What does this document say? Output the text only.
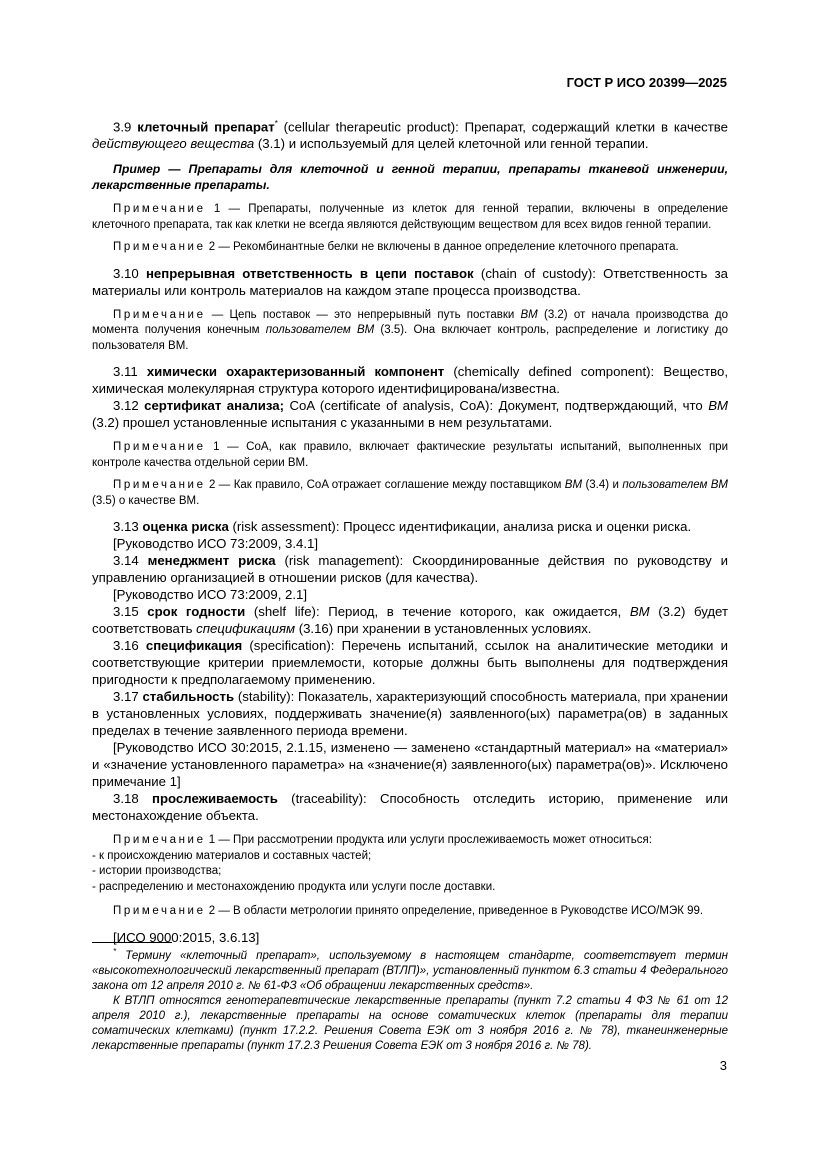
ГОСТ Р ИСО 20399—2025

3.9 клеточный препарат* (cellular therapeutic product): Препарат, содержащий клетки в качестве действующего вещества (3.1) и используемый для целей клеточной или генной терапии.

Пример — Препараты для клеточной и генной терапии, препараты тканевой инженерии, лекарственные препараты.

Примечание 1 — Препараты, полученные из клеток для генной терапии, включены в определение клеточного препарата, так как клетки не всегда являются действующим веществом для всех видов генной терапии.

Примечание 2 — Рекомбинантные белки не включены в данное определение клеточного препарата.

3.10 непрерывная ответственность в цепи поставок (chain of custody): Ответственность за материалы или контроль материалов на каждом этапе процесса производства.

Примечание — Цепь поставок — это непрерывный путь поставки ВМ (3.2) от начала производства до момента получения конечным пользователем ВМ (3.5). Она включает контроль, распределение и логистику до пользователя ВМ.

3.11 химически охарактеризованный компонент (chemically defined component): Вещество, химическая молекулярная структура которого идентифицирована/известна.

3.12 сертификат анализа; CoA (certificate of analysis, CoA): Документ, подтверждающий, что ВМ (3.2) прошел установленные испытания с указанными в нем результатами.

Примечание 1 — CoA, как правило, включает фактические результаты испытаний, выполненных при контроле качества отдельной серии ВМ.

Примечание 2 — Как правило, CoA отражает соглашение между поставщиком ВМ (3.4) и пользователем ВМ (3.5) о качестве ВМ.

3.13 оценка риска (risk assessment): Процесс идентификации, анализа риска и оценки риска.

[Руководство ИСО 73:2009, 3.4.1]

3.14 менеджмент риска (risk management): Скоординированные действия по руководству и управлению организацией в отношении рисков (для качества).

[Руководство ИСО 73:2009, 2.1]

3.15 срок годности (shelf life): Период, в течение которого, как ожидается, ВМ (3.2) будет соответствовать спецификациям (3.16) при хранении в установленных условиях.

3.16 спецификация (specification): Перечень испытаний, ссылок на аналитические методики и соответствующие критерии приемлемости, которые должны быть выполнены для подтверждения пригодности к предполагаемому применению.

3.17 стабильность (stability): Показатель, характеризующий способность материала, при хранении в установленных условиях, поддерживать значение(я) заявленного(ых) параметра(ов) в заданных пределах в течение заявленного периода времени.

[Руководство ИСО 30:2015, 2.1.15, изменено — заменено «стандартный материал» на «материал» и «значение установленного параметра» на «значение(я) заявленного(ых) параметра(ов)». Исключено примечание 1]

3.18 прослеживаемость (traceability): Способность отследить историю, применение или местонахождение объекта.

Примечание 1 — При рассмотрении продукта или услуги прослеживаемость может относиться:

- к происхождению материалов и составных частей;

- истории производства;

- распределению и местонахождению продукта или услуги после доставки.

Примечание 2 — В области метрологии принято определение, приведенное в Руководстве ИСО/МЭК 99.

[ИСО 9000:2015, 3.6.13]

* Термину «клеточный препарат», используемому в настоящем стандарте, соответствует термин «высокотехнологический лекарственный препарат (ВТЛП)», установленный пунктом 6.3 статьи 4 Федерального закона от 12 апреля 2010 г. № 61-ФЗ «Об обращении лекарственных средств».

К ВТЛП относятся генотерапевтические лекарственные препараты (пункт 7.2 статьи 4 ФЗ № 61 от 12 апреля 2010 г.), лекарственные препараты на основе соматических клеток (препараты для терапии соматических клетками) (пункт 17.2.2. Решения Совета ЕЭК от 3 ноября 2016 г. № 78), тканеинженерные лекарственные препараты (пункт 17.2.3 Решения Совета ЕЭК от 3 ноября 2016 г. № 78).

3
